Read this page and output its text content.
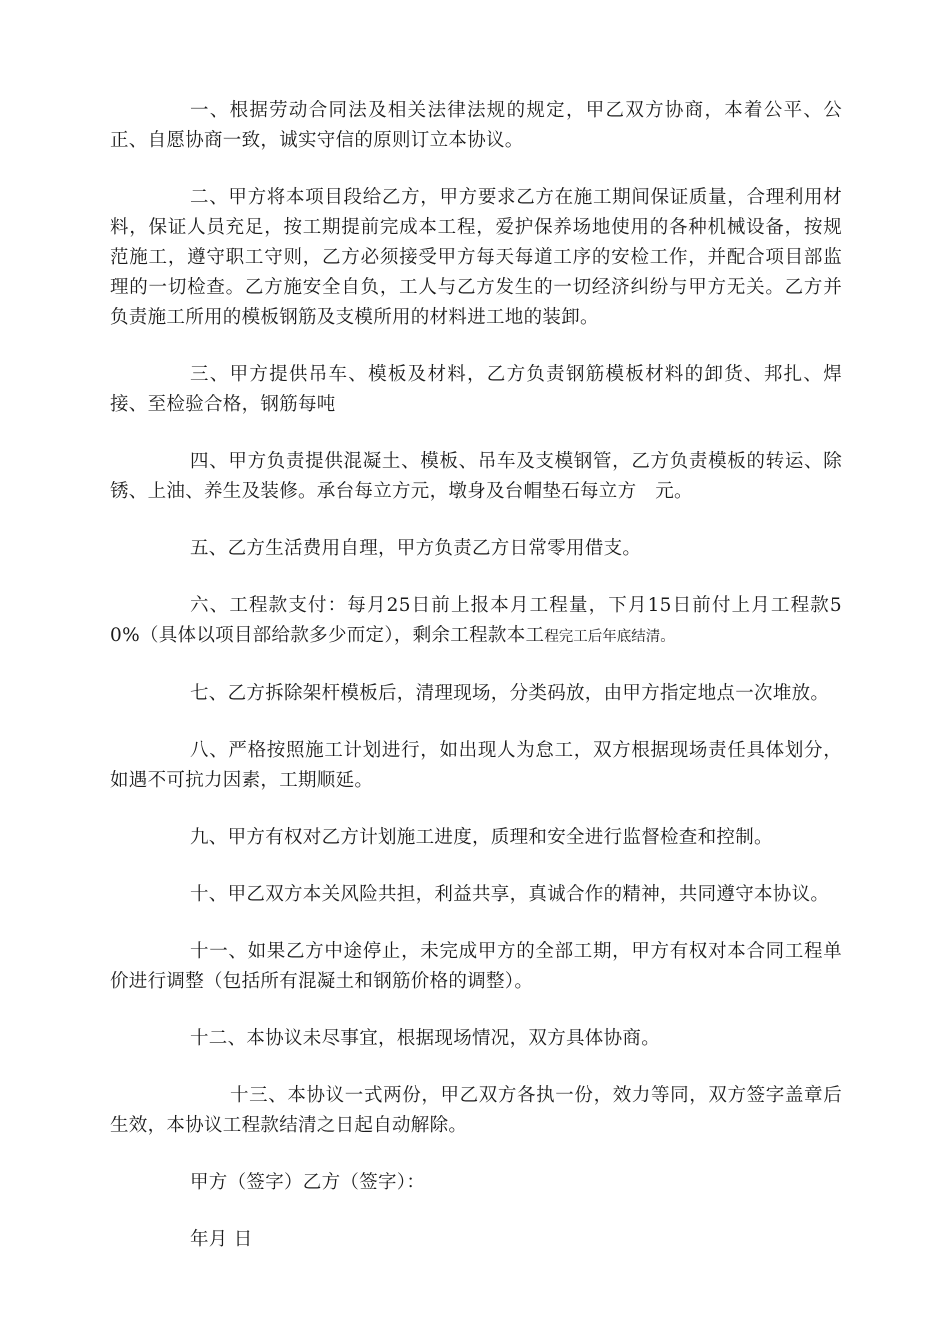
一、根据劳动合同法及相关法律法规的规定，甲乙双方协商，本着公平、公正、自愿协商一致，诚实守信的原则订立本协议。

二、甲方将本项目段给乙方，甲方要求乙方在施工期间保证质量，合理利用材料，保证人员充足，按工期提前完成本工程，爱护保养场地使用的各种机械设备，按规范施工，遵守职工守则，乙方必须接受甲方每天每道工序的安检工作，并配合项目部监理的一切检查。乙方施安全自负，工人与乙方发生的一切经济纠纷与甲方无关。乙方并负责施工所用的模板钢筋及支模所用的材料进工地的装卸。

三、甲方提供吊车、模板及材料，乙方负责钢筋模板材料的卸货、邦扎、焊接、至检验合格，钢筋每吨

四、甲方负责提供混凝土、模板、吊车及支模钢管，乙方负责模板的转运、除锈、上油、养生及装修。承台每立方元，墩身及台帽垫石每立方　元。

五、乙方生活费用自理，甲方负责乙方日常零用借支。

六、工程款支付：每月25日前上报本月工程量，下月15日前付上月工程款50%（具体以项目部给款多少而定），剩余工程款本工程完工后年底结清。

七、乙方拆除架杆模板后，清理现场，分类码放，由甲方指定地点一次堆放。

八、严格按照施工计划进行，如出现人为怠工，双方根据现场责任具体划分，如遇不可抗力因素，工期顺延。

九、甲方有权对乙方计划施工进度，质理和安全进行监督检查和控制。

十、甲乙双方本关风险共担，利益共享，真诚合作的精神，共同遵守本协议。

十一、如果乙方中途停止，未完成甲方的全部工期，甲方有权对本合同工程单价进行调整（包括所有混凝土和钢筋价格的调整）。

十二、本协议未尽事宜，根据现场情况，双方具体协商。

十三、本协议一式两份，甲乙双方各执一份，效力等同，双方签字盖章后生效，本协议工程款结清之日起自动解除。

甲方（签字）乙方（签字）：

年月 日
